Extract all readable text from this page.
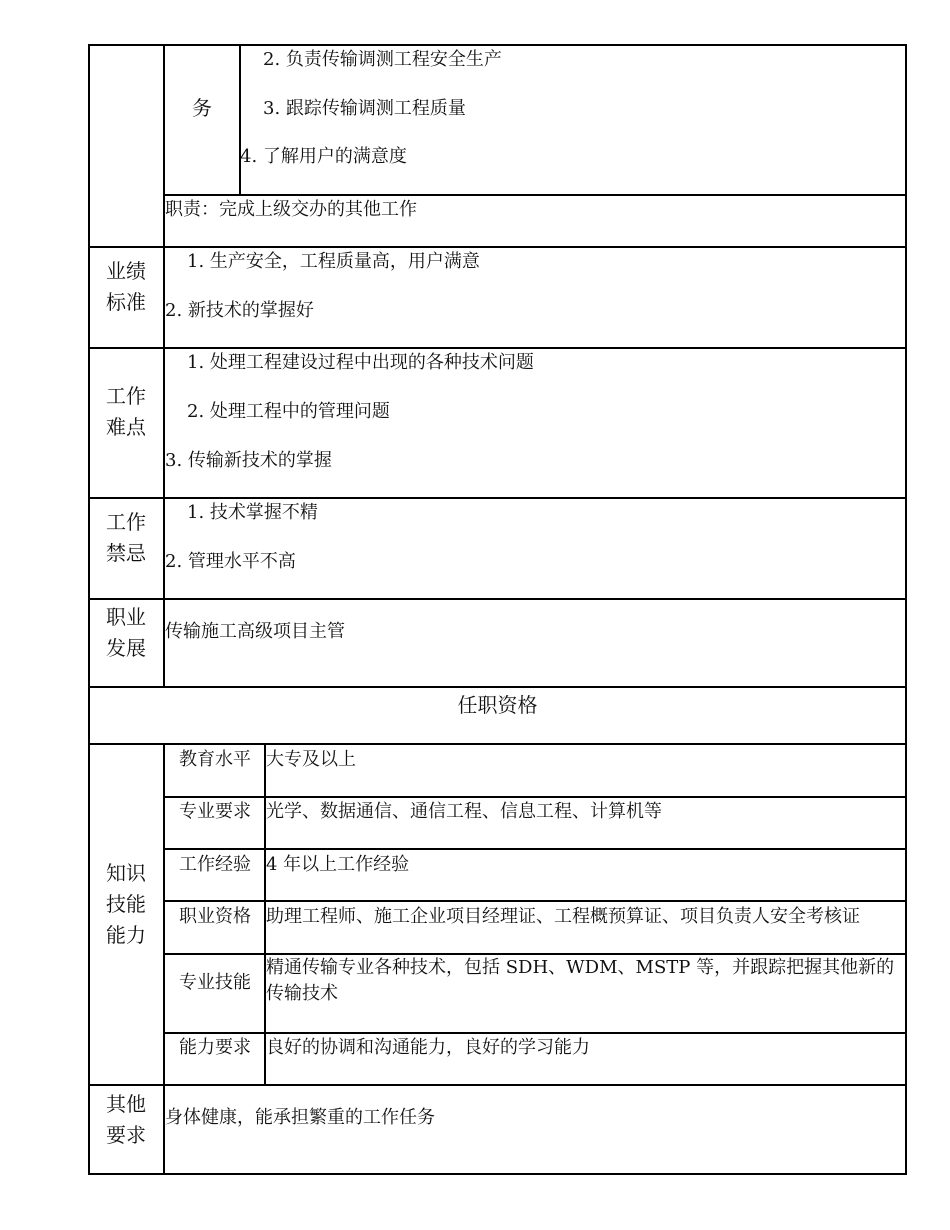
务
2. 负责传输调测工程安全生产
3. 跟踪传输调测工程质量
4. 了解用户的满意度
职责：完成上级交办的其他工作
业绩
标准
1. 生产安全，工程质量高，用户满意
2. 新技术的掌握好
工作
难点
1. 处理工程建设过程中出现的各种技术问题
2. 处理工程中的管理问题
3. 传输新技术的掌握
工作
禁忌
1. 技术掌握不精
2. 管理水平不高
职业
发展
传输施工高级项目主管
任职资格
知识
技能
能力
教育水平 大专及以上
专业要求 光学、数据通信、通信工程、信息工程、计算机等
工作经验 4 年以上工作经验
职业资格 助理工程师、施工企业项目经理证、工程概预算证、项目负责人安全考核证
专业技能
精通传输专业各种技术，包括 SDH、WDM、MSTP 等，并跟踪把握其他新的传输技术
能力要求 良好的协调和沟通能力，良好的学习能力
其他
要求
身体健康，能承担繁重的工作任务
